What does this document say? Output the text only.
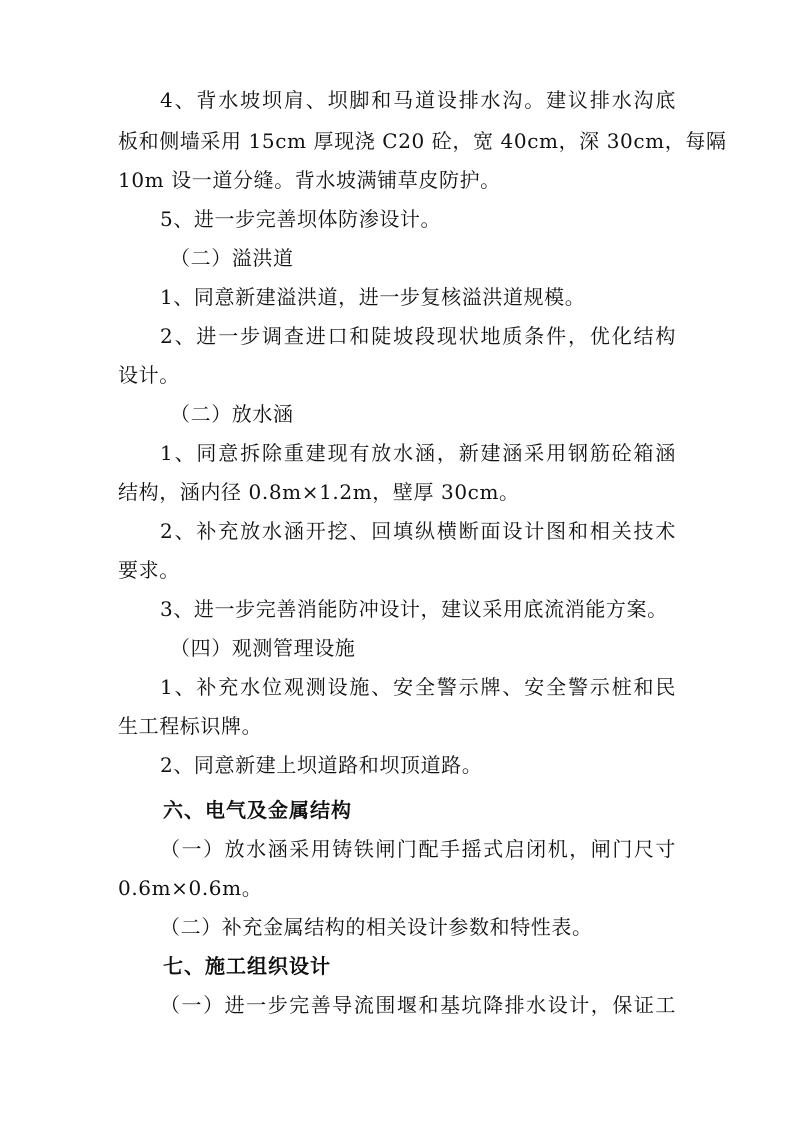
4、背水坡坝肩、坝脚和马道设排水沟。建议排水沟底

板和侧墙采用 15cm 厚现浇 C20 砼，宽 40cm，深 30cm，每隔

10m 设一道分缝。背水坡满铺草皮防护。

5、进一步完善坝体防渗设计。

（二）溢洪道

1、同意新建溢洪道，进一步复核溢洪道规模。

2、进一步调查进口和陡坡段现状地质条件，优化结构

设计。

（二）放水涵

1、同意拆除重建现有放水涵，新建涵采用钢筋砼箱涵

结构，涵内径 0.8m×1.2m，壁厚 30cm。

2、补充放水涵开挖、回填纵横断面设计图和相关技术

要求。

3、进一步完善消能防冲设计，建议采用底流消能方案。

（四）观测管理设施

1、补充水位观测设施、安全警示牌、安全警示桩和民

生工程标识牌。

2、同意新建上坝道路和坝顶道路。

六、电气及金属结构

（一）放水涵采用铸铁闸门配手摇式启闭机，闸门尺寸

0.6m×0.6m。

（二）补充金属结构的相关设计参数和特性表。

七、施工组织设计

（一）进一步完善导流围堰和基坑降排水设计，保证工
